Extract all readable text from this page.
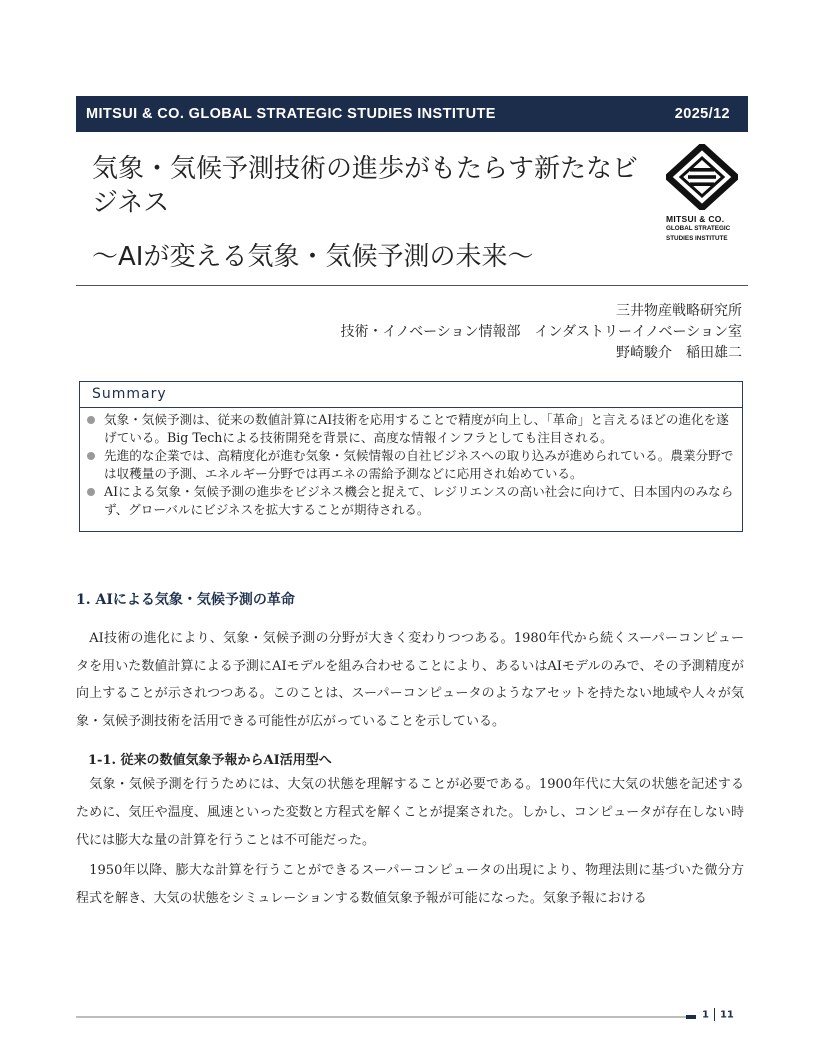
MITSUI & CO. GLOBAL STRATEGIC STUDIES INSTITUTE	2025/12
気象・気候予測技術の進歩がもたらす新たなビジネス
～AIが変える気象・気候予測の未来～
MITSUI & CO.
GLOBAL STRATEGIC
STUDIES INSTITUTE
三井物産戦略研究所
技術・イノベーション情報部　インダストリーイノベーション室
野崎駿介　稲田雄二
Summary
気象・気候予測は、従来の数値計算にAI技術を応用することで精度が向上し、「革命」と言えるほどの進化を遂げている。Big Techによる技術開発を背景に、高度な情報インフラとしても注目される。
先進的な企業では、高精度化が進む気象・気候情報の自社ビジネスへの取り込みが進められている。農業分野では収穫量の予測、エネルギー分野では再エネの需給予測などに応用され始めている。
AIによる気象・気候予測の進歩をビジネス機会と捉えて、レジリエンスの高い社会に向けて、日本国内のみならず、グローバルにビジネスを拡大することが期待される。
1. AIによる気象・気候予測の革命

　AI技術の進化により、気象・気候予測の分野が大きく変わりつつある。1980年代から続くスーパーコンピュータを用いた数値計算による予測にAIモデルを組み合わせることにより、あるいはAIモデルのみで、その予測精度が向上することが示されつつある。このことは、スーパーコンピュータのようなアセットを持たない地域や人々が気象・気候予測技術を活用できる可能性が広がっていることを示している。

1-1. 従来の数値気象予報からAI活用型へ

　気象・気候予測を行うためには、大気の状態を理解することが必要である。1900年代に大気の状態を記述するために、気圧や温度、風速といった変数と方程式を解くことが提案された。しかし、コンピュータが存在しない時代には膨大な量の計算を行うことは不可能だった。

　1950年以降、膨大な計算を行うことができるスーパーコンピュータの出現により、物理法則に基づいた微分方程式を解き、大気の状態をシミュレーションする数値気象予報が可能になった。気象予報における

1 11
